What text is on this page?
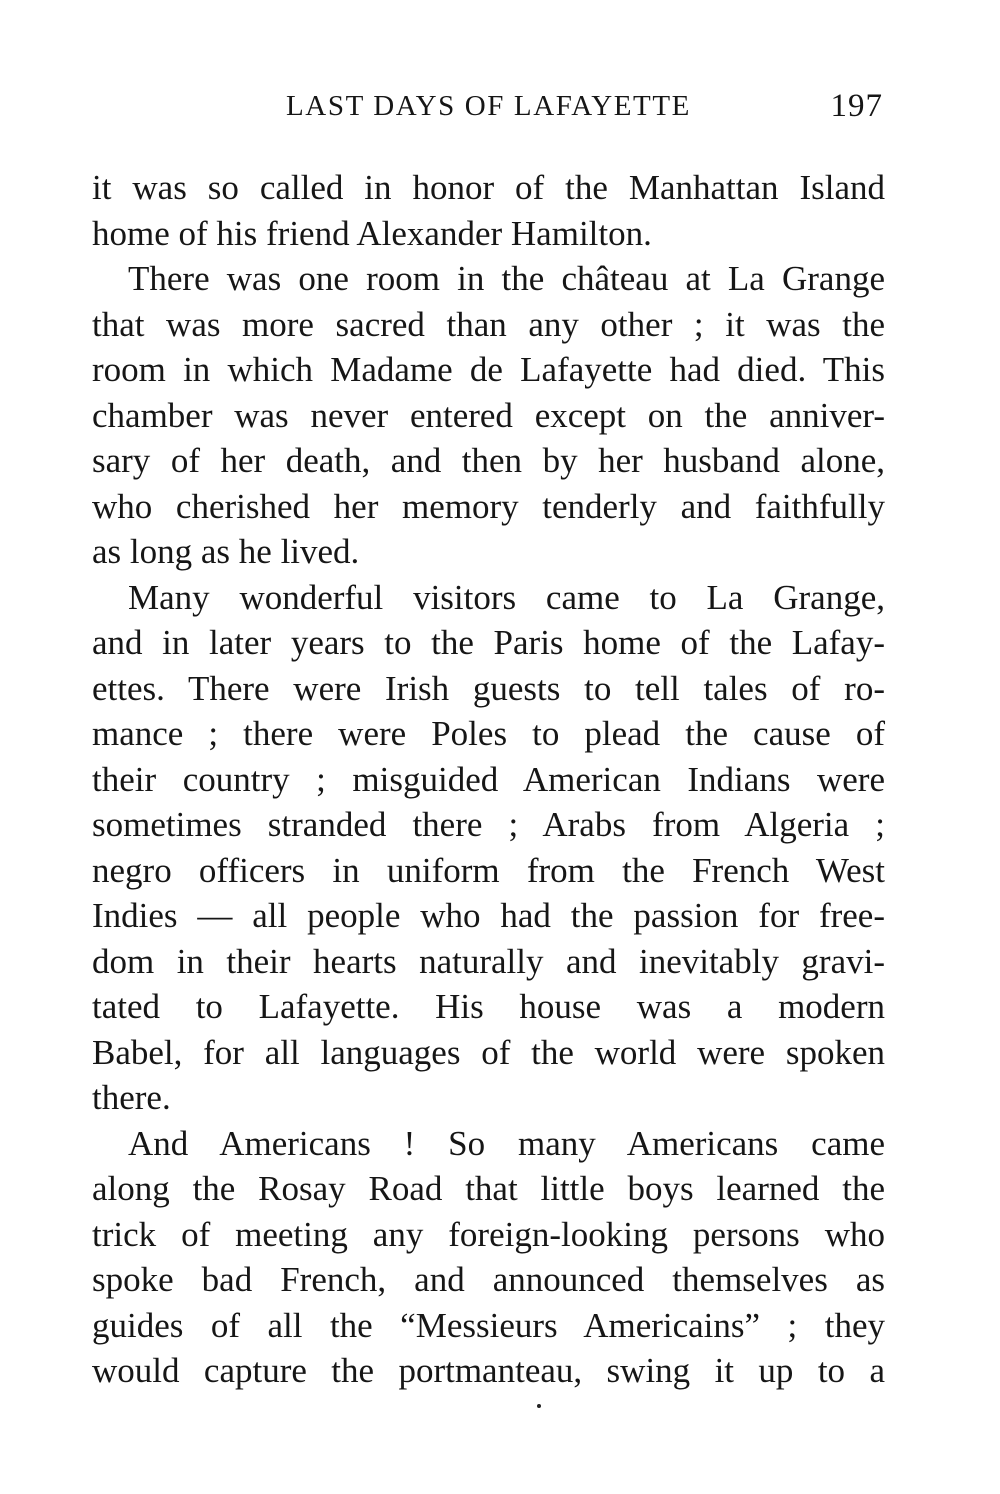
LAST DAYS OF LAFAYETTE	197
it was so called in honor of the Manhattan Island
home of his friend Alexander Hamilton.
There was one room in the château at La Grange
that was more sacred than any other ; it was the
room in which Madame de Lafayette had died. This
chamber was never entered except on the anniver-
sary of her death, and then by her husband alone,
who cherished her memory tenderly and faithfully
as long as he lived.
Many wonderful visitors came to La Grange,
and in later years to the Paris home of the Lafay-
ettes. There were Irish guests to tell tales of ro-
mance ; there were Poles to plead the cause of
their country ; misguided American Indians were
sometimes stranded there ; Arabs from Algeria ;
negro officers in uniform from the French West
Indies — all people who had the passion for free-
dom in their hearts naturally and inevitably gravi-
tated to Lafayette. His house was a modern
Babel, for all languages of the world were spoken
there.
And Americans ! So many Americans came
along the Rosay Road that little boys learned the
trick of meeting any foreign-looking persons who
spoke bad French, and announced themselves as
guides of all the “Messieurs Americains” ; they
would capture the portmanteau, swing it up to a
